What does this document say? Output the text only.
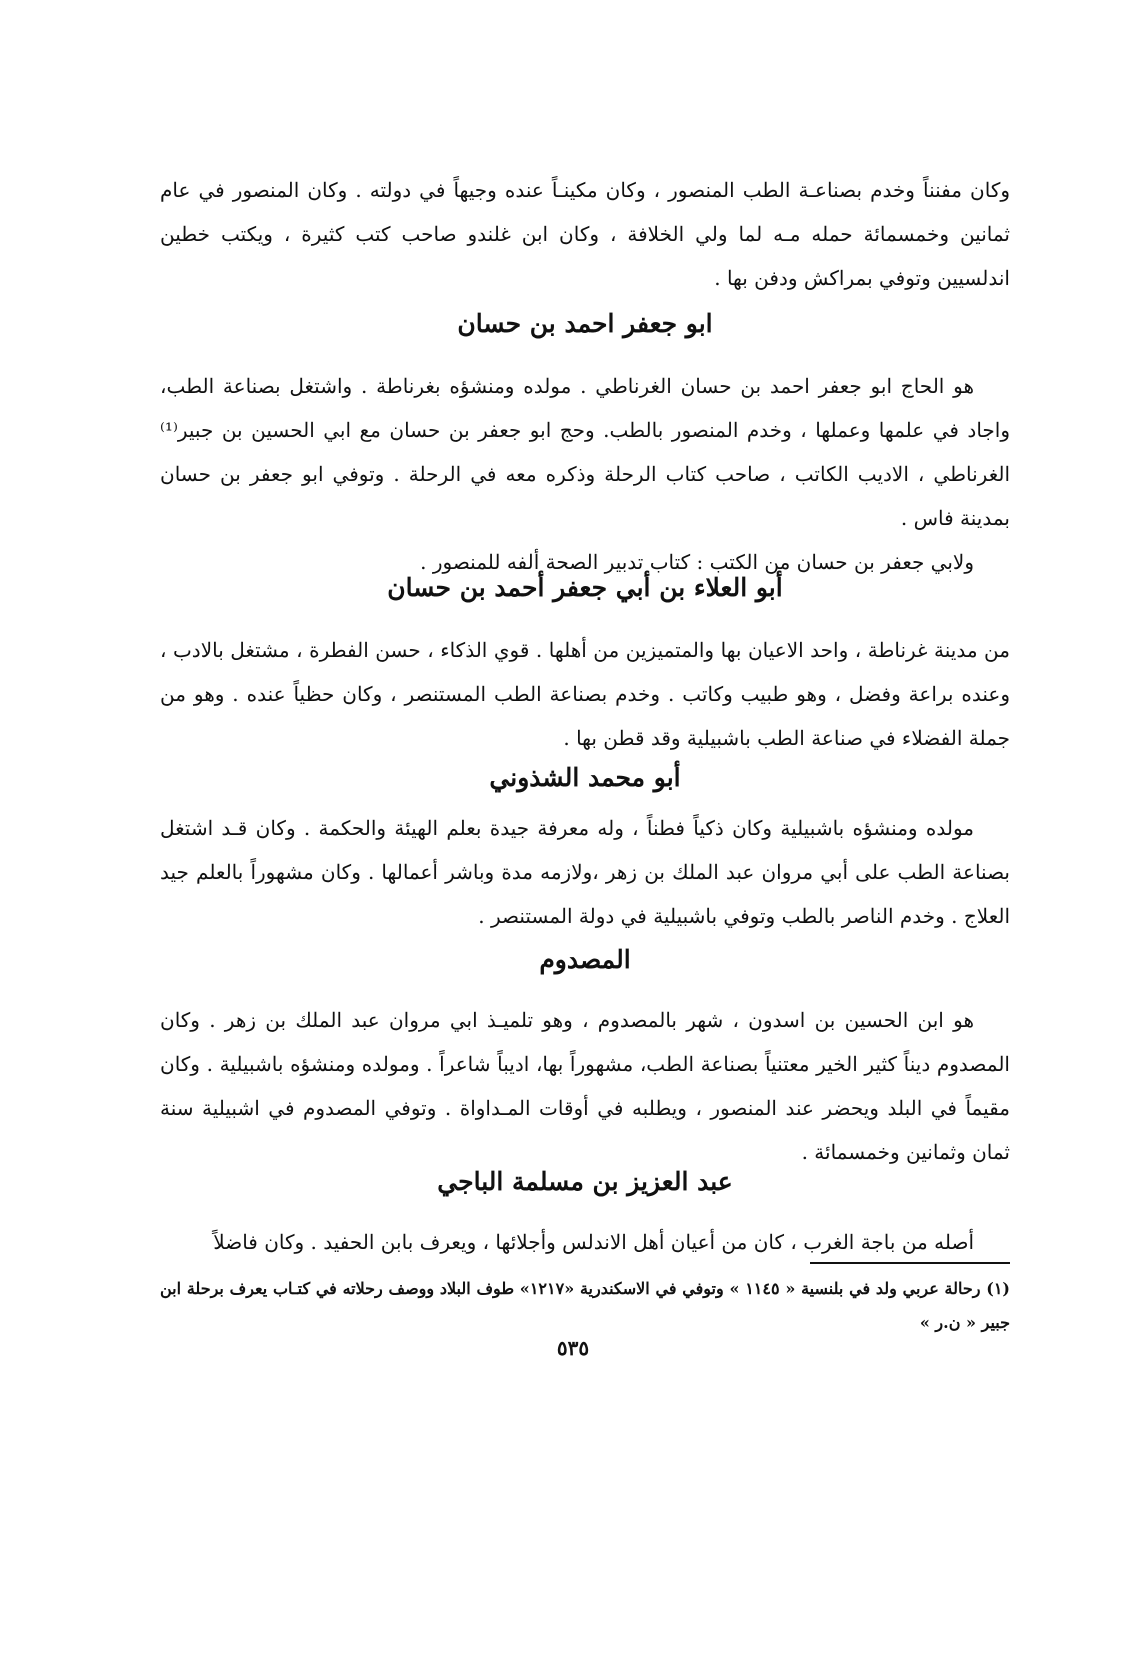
وكان مفنناً وخدم بصناعـة الطب المنصور ، وكان مكينـاً عنده وجيهاً في دولته . وكان المنصور في عام ثمانين وخمسمائة حمله مـه لما ولي الخلافة ، وكان ابن غلندو صاحب كتب كثيرة ، ويكتب خطين اندلسيين وتوفي بمراكش ودفن بها .

ابو جعفر احمد بن حسان

هو الحاج ابو جعفر احمد بن حسان الغرناطي . مولده ومنشؤه بغرناطة . واشتغل بصناعة الطب، واجاد في علمها وعملها ، وخدم المنصور بالطب. وحج ابو جعفر بن حسان مع ابي الحسين بن جبير⁽¹⁾ الغرناطي ، الاديب الكاتب ، صاحب كتاب الرحلة وذكره معه في الرحلة . وتوفي ابو جعفر بن حسان بمدينة فاس .

ولابي جعفر بن حسان من الكتب : كتاب تدبير الصحة ألفه للمنصور .

أبو العلاء بن أبي جعفر أحمد بن حسان

من مدينة غرناطة ، واحد الاعيان بها والمتميزين من أهلها . قوي الذكاء ، حسن الفطرة ، مشتغل بالادب ، وعنده براعة وفضل ، وهو طبيب وكاتب . وخدم بصناعة الطب المستنصر ، وكان حظياً عنده . وهو من جملة الفضلاء في صناعة الطب باشبيلية وقد قطن بها .

أبو محمد الشذوني

مولده ومنشؤه باشبيلية وكان ذكياً فطناً ، وله معرفة جيدة بعلم الهيئة والحكمة . وكان قـد اشتغل بصناعة الطب على أبي مروان عبد الملك بن زهر ،ولازمه مدة وباشر أعمالها . وكان مشهوراً بالعلم جيد العلاج . وخدم الناصر بالطب وتوفي باشبيلية في دولة المستنصر .

المصدوم

هو ابن الحسين بن اسدون ، شهر بالمصدوم ، وهو تلميـذ ابي مروان عبد الملك بن زهر . وكان المصدوم ديناً كثير الخير معتنياً بصناعة الطب، مشهوراً بها، اديباً شاعراً . ومولده ومنشؤه باشبيلية . وكان مقيماً في البلد ويحضر عند المنصور ، ويطلبه في أوقات المـداواة . وتوفي المصدوم في اشبيلية سنة ثمان وثمانين وخمسمائة .

عبد العزيز بن مسلمة الباجي

أصله من باجة الغرب ، كان من أعيان أهل الاندلس وأجلائها ، ويعرف بابن الحفيد . وكان فاضلاً

(١) رحالة عربي ولد في بلنسية « ١١٤٥ » وتوفي في الاسكندرية «١٢١٧» طوف البلاد ووصف رحلاته في كتـاب يعرف برحلة ابن جبير « ن.ر »
٥٣٥
